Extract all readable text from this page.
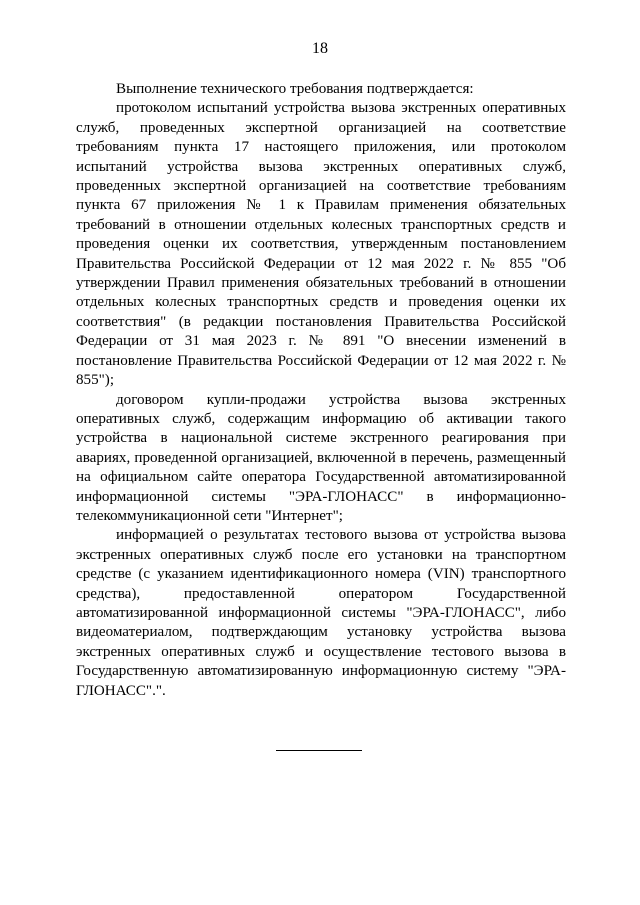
18

Выполнение технического требования подтверждается:

протоколом испытаний устройства вызова экстренных оперативных служб, проведенных экспертной организацией на соответствие требованиям пункта 17 настоящего приложения, или протоколом испытаний устройства вызова экстренных оперативных служб, проведенных экспертной организацией на соответствие требованиям пункта 67 приложения № 1 к Правилам применения обязательных требований в отношении отдельных колесных транспортных средств и проведения оценки их соответствия, утвержденным постановлением Правительства Российской Федерации от 12 мая 2022 г. № 855 "Об утверждении Правил применения обязательных требований в отношении отдельных колесных транспортных средств и проведения оценки их соответствия" (в редакции постановления Правительства Российской Федерации от 31 мая 2023 г. № 891 "О внесении изменений в постановление Правительства Российской Федерации от 12 мая 2022 г. № 855");

договором купли-продажи устройства вызова экстренных оперативных служб, содержащим информацию об активации такого устройства в национальной системе экстренного реагирования при авариях, проведенной организацией, включенной в перечень, размещенный на официальном сайте оператора Государственной автоматизированной информационной системы "ЭРА-ГЛОНАСС" в информационно-телекоммуникационной сети "Интернет";

информацией о результатах тестового вызова от устройства вызова экстренных оперативных служб после его установки на транспортном средстве (с указанием идентификационного номера (VIN) транспортного средства), предоставленной оператором Государственной автоматизированной информационной системы "ЭРА-ГЛОНАСС", либо видеоматериалом, подтверждающим установку устройства вызова экстренных оперативных служб и осуществление тестового вызова в Государственную автоматизированную информационную систему "ЭРА-ГЛОНАСС".".
